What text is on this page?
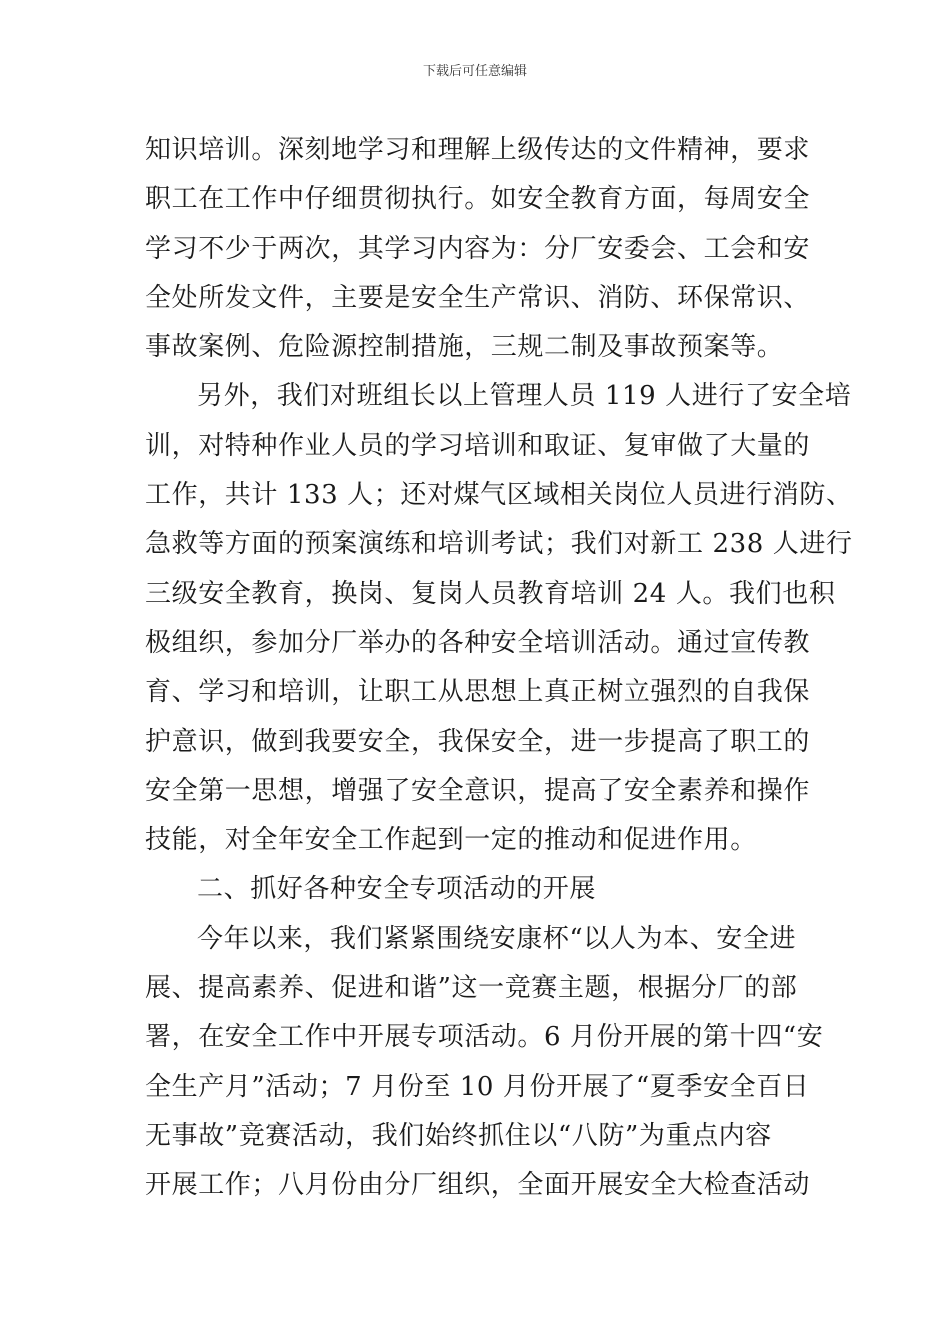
下载后可任意编辑
知识培训。深刻地学习和理解上级传达的文件精神，要求
职工在工作中仔细贯彻执行。如安全教育方面，每周安全
学习不少于两次，其学习内容为：分厂安委会、工会和安
全处所发文件，主要是安全生产常识、消防、环保常识、
事故案例、危险源控制措施，三规二制及事故预案等。
另外，我们对班组长以上管理人员 119 人进行了安全培
训，对特种作业人员的学习培训和取证、复审做了大量的
工作，共计 133 人；还对煤气区域相关岗位人员进行消防、
急救等方面的预案演练和培训考试；我们对新工 238 人进行
三级安全教育，换岗、复岗人员教育培训 24 人。我们也积
极组织，参加分厂举办的各种安全培训活动。通过宣传教
育、学习和培训，让职工从思想上真正树立强烈的自我保
护意识，做到我要安全，我保安全，进一步提高了职工的
安全第一思想，增强了安全意识，提高了安全素养和操作
技能，对全年安全工作起到一定的推动和促进作用。
二、抓好各种安全专项活动的开展
今年以来，我们紧紧围绕安康杯“以人为本、安全进
展、提高素养、促进和谐”这一竞赛主题，根据分厂的部
署，在安全工作中开展专项活动。6 月份开展的第十四“安
全生产月”活动；7 月份至 10 月份开展了“夏季安全百日
无事故”竞赛活动，我们始终抓住以“八防”为重点内容
开展工作；八月份由分厂组织，全面开展安全大检查活动
